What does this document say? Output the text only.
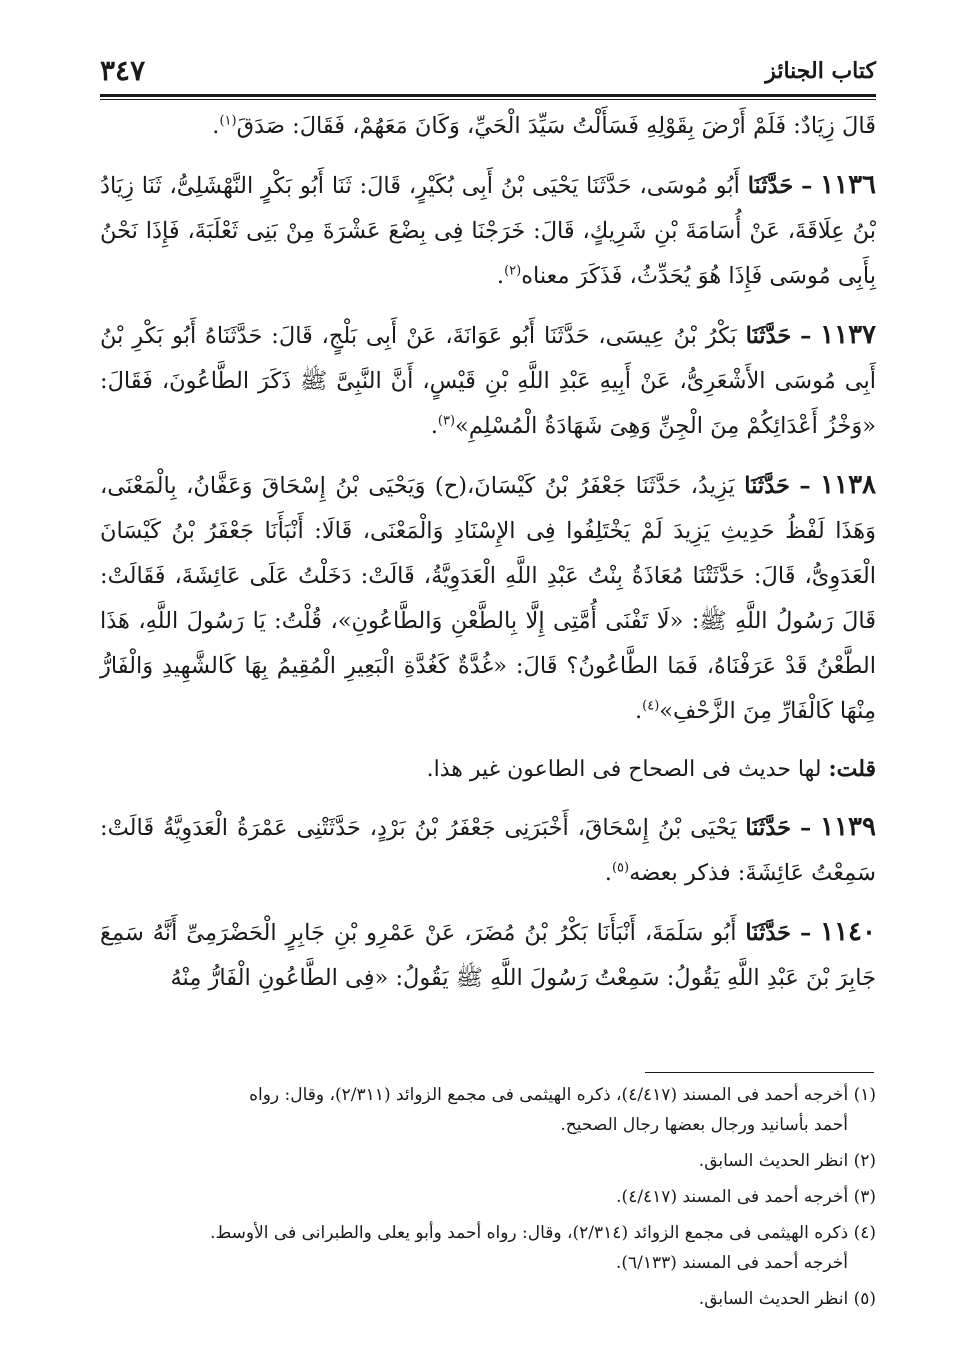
كتاب الجنائز
٣٤٧

قَالَ زِيَادٌ: فَلَمْ أَرْضَ بِقَوْلِهِ فَسَأَلْتُ سَيِّدَ الْحَيِّ، وَكَانَ مَعَهُمْ، فَقَالَ: صَدَقَ$^{(١)}$.

١١٣٦ – حَدَّثَنَا أَبُو مُوسَى، حَدَّثَنَا يَحْيَى بْنُ أَبِى بُكَيْرٍ، قَالَ: ثَنَا أَبُو بَكْرٍ النَّهْشَلِىُّ، ثَنَا زِيَادُ بْنُ عِلَاقَةَ، عَنْ أُسَامَةَ بْنِ شَرِيكٍ، قَالَ: خَرَجْنَا فِى بِضْعَ عَشْرَةَ مِنْ بَنِى ثَعْلَبَةَ، فَإِذَا نَحْنُ بِأَبِى مُوسَى فَإِذَا هُوَ يُحَدِّثُ، فَذَكَرَ معناه$^{(٢)}$.

١١٣٧ – حَدَّثَنَا بَكْرُ بْنُ عِيسَى، حَدَّثَنَا أَبُو عَوَانَةَ، عَنْ أَبِى بَلْجٍ، قَالَ: حَدَّثَنَاهُ أَبُو بَكْرِ بْنُ أَبِى مُوسَى الأَشْعَرِىُّ، عَنْ أَبِيهِ عَبْدِ اللَّهِ بْنِ قَيْسٍ، أَنَّ النَّبِىَّ ﷺ ذَكَرَ الطَّاعُونَ، فَقَالَ: «وَخْزُ أَعْدَائِكُمْ مِنَ الْجِنِّ وَهِىَ شَهَادَةُ الْمُسْلِمِ»$^{(٣)}$.

١١٣٨ – حَدَّثَنَا يَزِيدُ، حَدَّثَنَا جَعْفَرُ بْنُ كَيْسَانَ،(ح) وَيَحْيَى بْنُ إِسْحَاقَ وَعَفَّانُ، بِالْمَعْنَى، وَهَذَا لَفْظُ حَدِيثِ يَزِيدَ لَمْ يَخْتَلِفُوا فِى الإِسْنَادِ وَالْمَعْنَى، قَالَا: أَنْبَأَنَا جَعْفَرُ بْنُ كَيْسَانَ الْعَدَوِىُّ، قَالَ: حَدَّثَتْنَا مُعَاذَةُ بِنْتُ عَبْدِ اللَّهِ الْعَدَوِيَّةُ، قَالَتْ: دَخَلْتُ عَلَى عَائِشَةَ، فَقَالَتْ: قَالَ رَسُولُ اللَّهِ ﷺ: «لَا تَفْنَى أُمَّتِى إِلَّا بِالطَّعْنِ وَالطَّاعُونِ»، قُلْتُ: يَا رَسُولَ اللَّهِ، هَذَا الطَّعْنُ قَدْ عَرَفْنَاهُ، فَمَا الطَّاعُونُ؟ قَالَ: «غُدَّةٌ كَغُدَّةِ الْبَعِيرِ الْمُقِيمُ بِهَا كَالشَّهِيدِ وَالْفَارُّ مِنْهَا كَالْفَارِّ مِنَ الزَّحْفِ»$^{(٤)}$.

قلت: لها حديث فى الصحاح فى الطاعون غير هذا.

١١٣٩ – حَدَّثَنَا يَحْيَى بْنُ إِسْحَاقَ، أَخْبَرَنِى جَعْفَرُ بْنُ بَرْدٍ، حَدَّثَتْنِى عَمْرَةُ الْعَدَوِيَّةُ قَالَتْ: سَمِعْتُ عَائِشَةَ: فذكر بعضه$^{(٥)}$.

١١٤٠ – حَدَّثَنَا أَبُو سَلَمَةَ، أَنْبَأَنَا بَكْرُ بْنُ مُضَرَ، عَنْ عَمْرِو بْنِ جَابِرٍ الْحَضْرَمِىِّ أَنَّهُ سَمِعَ جَابِرَ بْنَ عَبْدِ اللَّهِ يَقُولُ: سَمِعْتُ رَسُولَ اللَّهِ ﷺ يَقُولُ: «فِى الطَّاعُونِ الْفَارُّ مِنْهُ

(١) أخرجه أحمد فى المسند (٤/٤١٧)، ذكره الهيثمى فى مجمع الزوائد (٢/٣١١)، وقال: رواه
أحمد بأسانيد ورجال بعضها رجال الصحيح.

(٢) انظر الحديث السابق.

(٣) أخرجه أحمد فى المسند (٤/٤١٧).

(٤) ذكره الهيثمى فى مجمع الزوائد (٢/٣١٤)، وقال: رواه أحمد وأبو يعلى والطبرانى فى الأوسط.
أخرجه أحمد فى المسند (٦/١٣٣).

(٥) انظر الحديث السابق.
